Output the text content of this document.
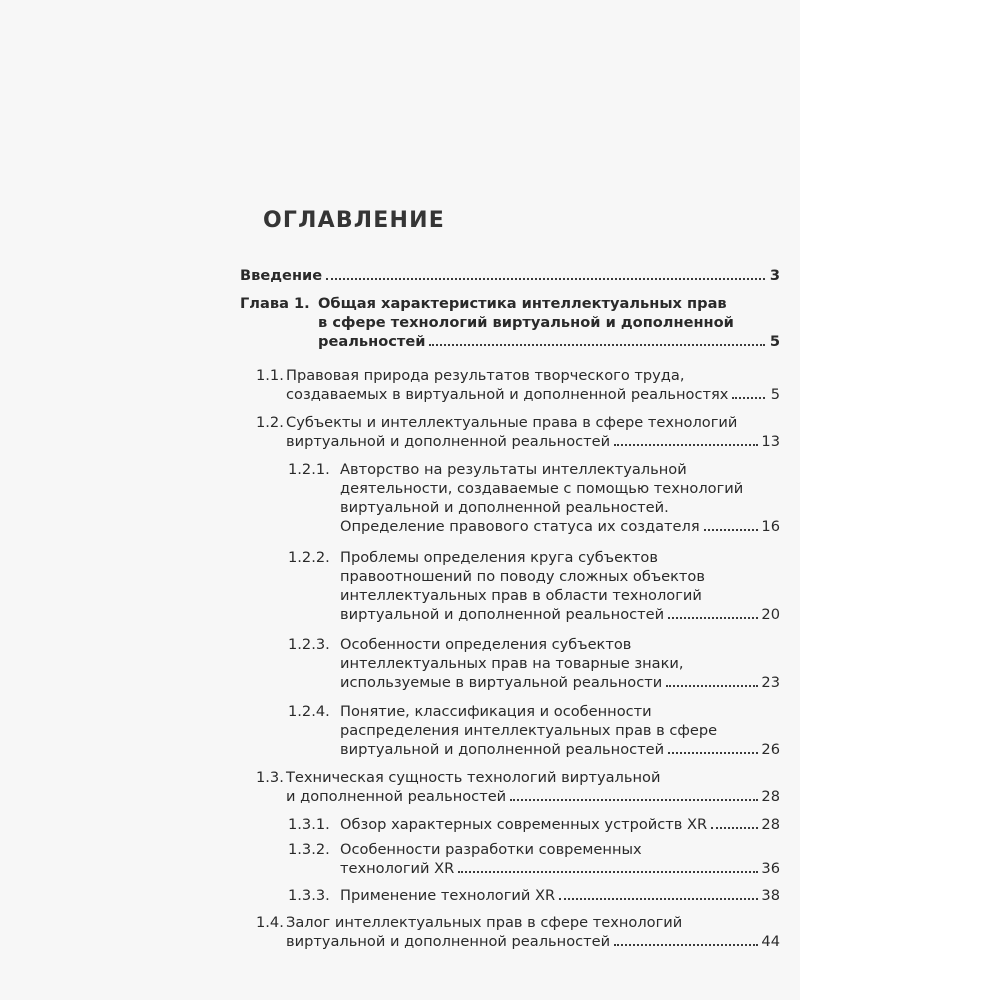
ОГЛАВЛЕНИЕ
Введение	3
Глава 1. Общая характеристика интеллектуальных прав
в сфере технологий виртуальной и дополненной
реальностей	5
1.1. Правовая природа результатов творческого труда,
создаваемых в виртуальной и дополненной реальностях	5
1.2. Субъекты и интеллектуальные права в сфере технологий
виртуальной и дополненной реальностей	13
1.2.1. Авторство на результаты интеллектуальной
деятельности, создаваемые с помощью технологий
виртуальной и дополненной реальностей.
Определение правового статуса их создателя	16
1.2.2. Проблемы определения круга субъектов
правоотношений по поводу сложных объектов
интеллектуальных прав в области технологий
виртуальной и дополненной реальностей	20
1.2.3. Особенности определения субъектов
интеллектуальных прав на товарные знаки,
используемые в виртуальной реальности	23
1.2.4. Понятие, классификация и особенности
распределения интеллектуальных прав в сфере
виртуальной и дополненной реальностей	26
1.3. Техническая сущность технологий виртуальной
и дополненной реальностей	28
1.3.1. Обзор характерных современных устройств XR	28
1.3.2. Особенности разработки современных
технологий XR	36
1.3.3. Применение технологий XR	38
1.4. Залог интеллектуальных прав в сфере технологий
виртуальной и дополненной реальностей	44
